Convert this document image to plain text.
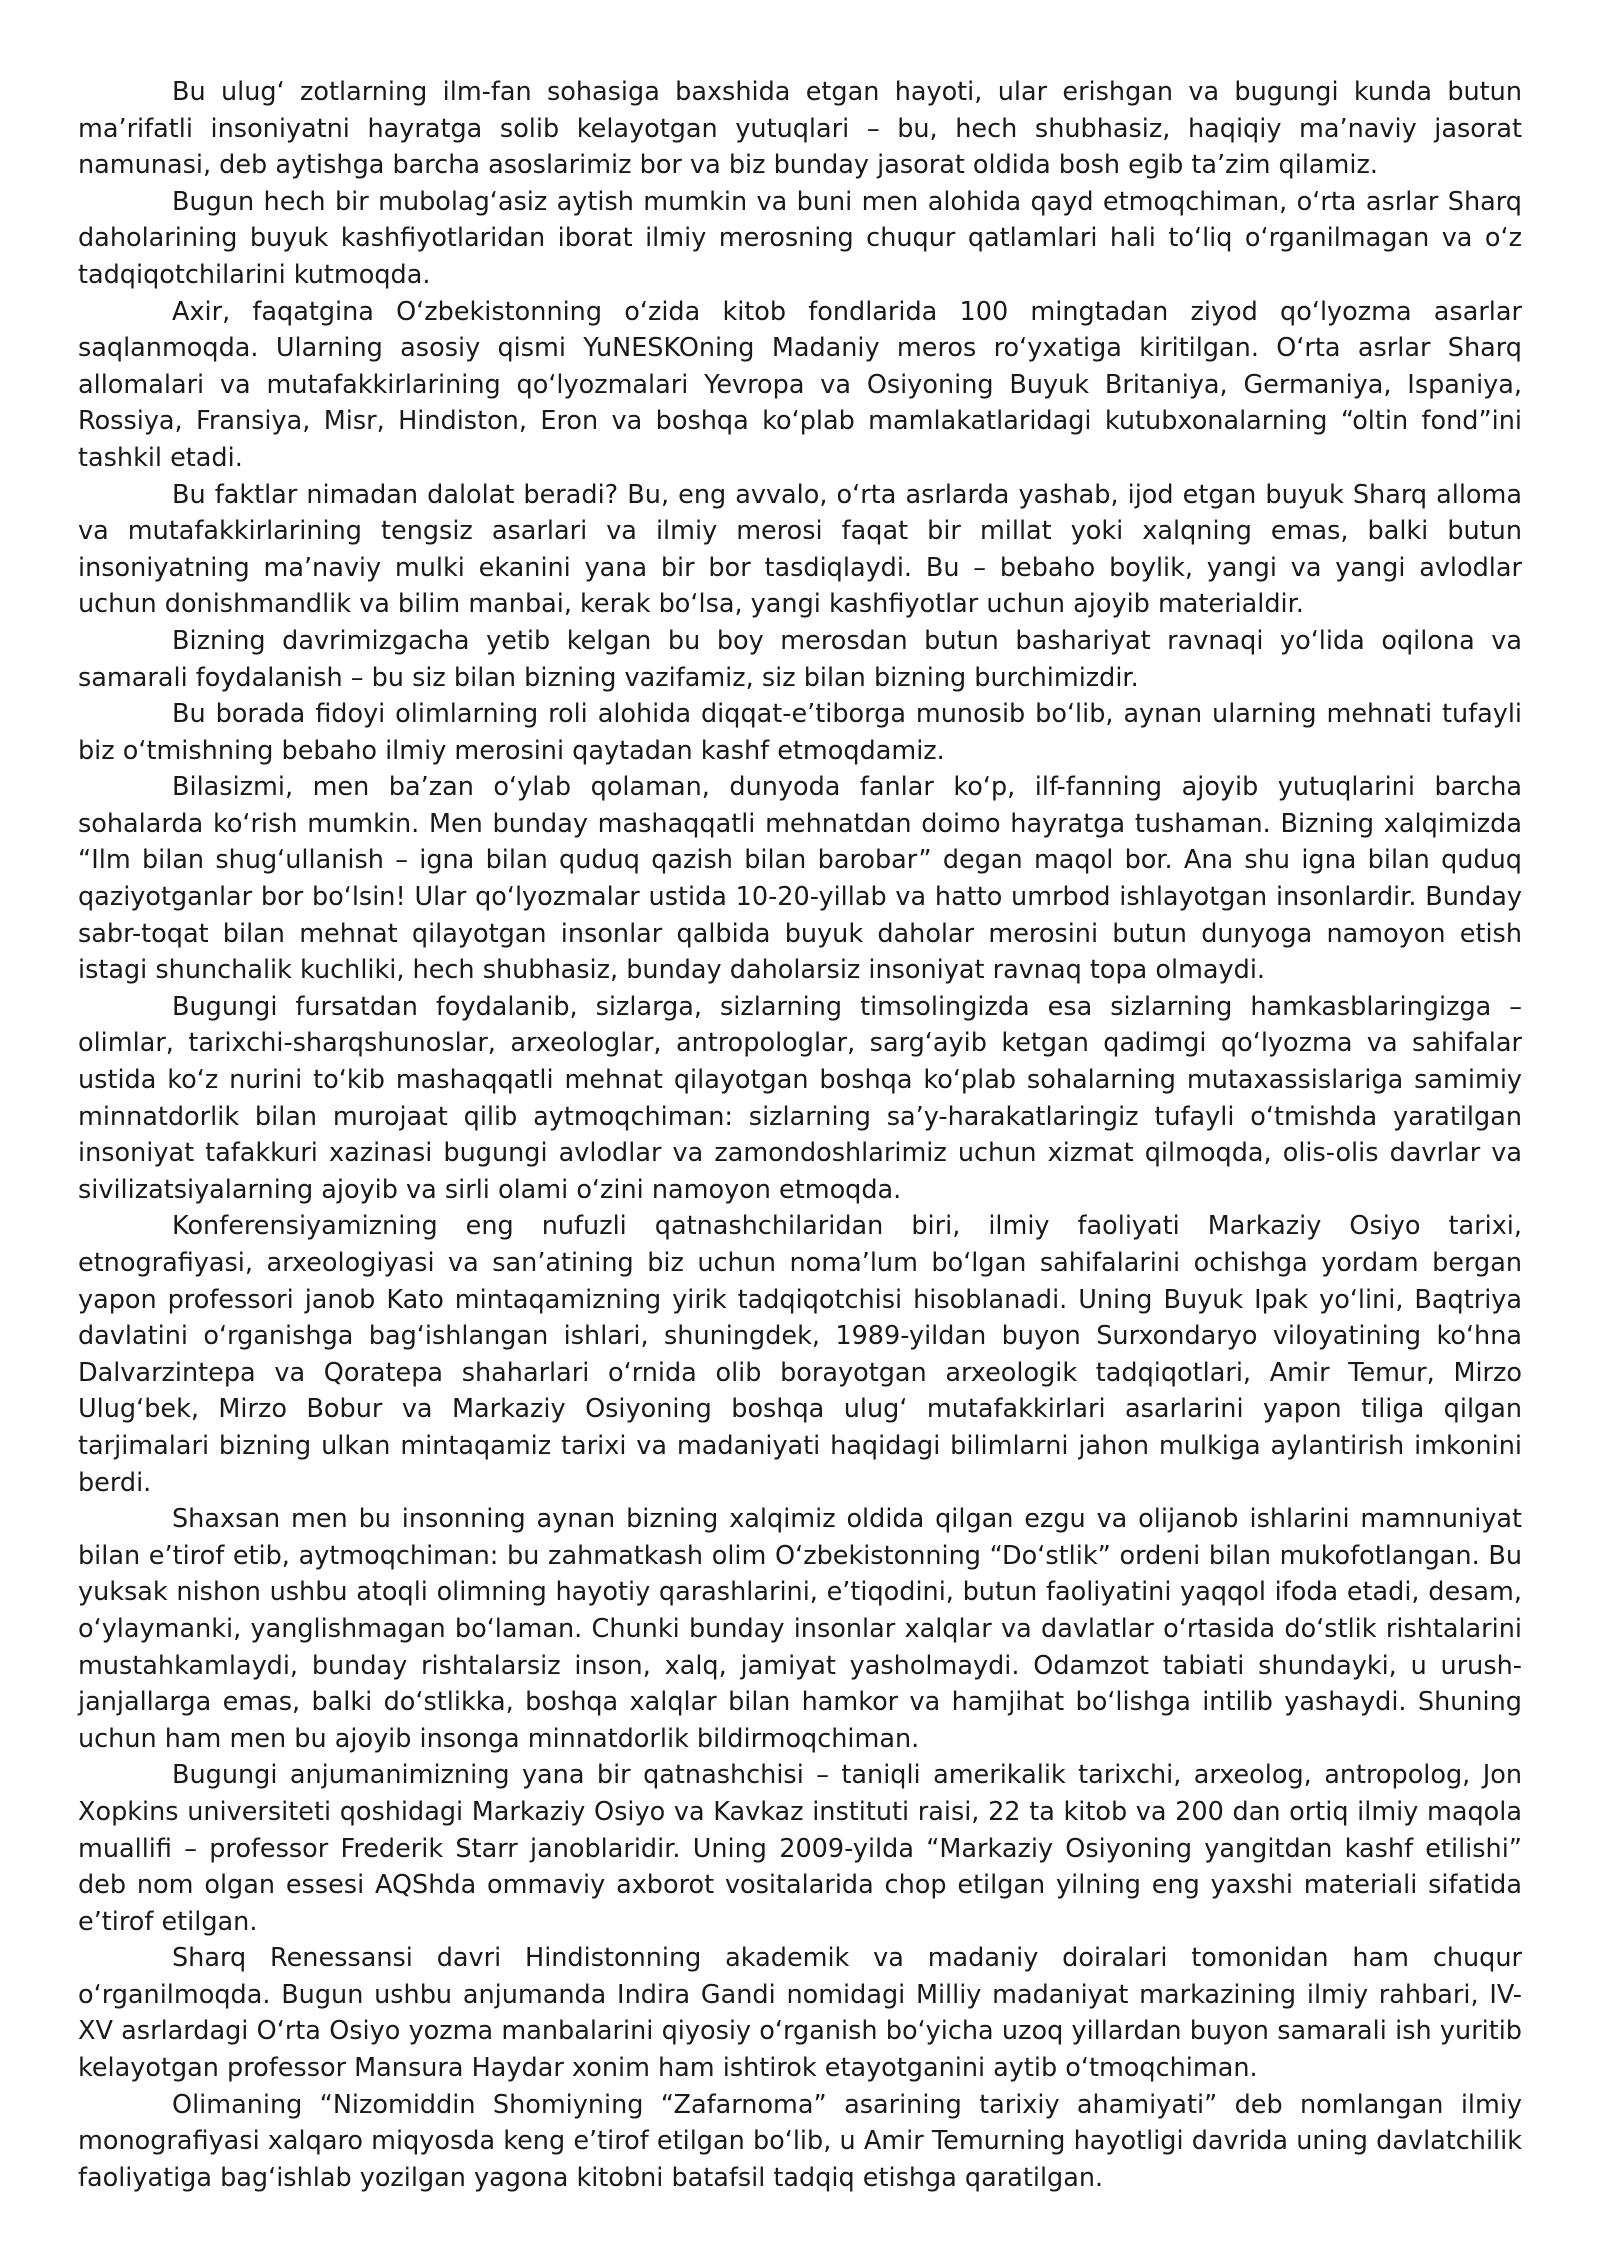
Bu ulug‘ zotlarning ilm-fan sohasiga baxshida etgan hayoti, ular erishgan va bugungi kunda butun ma’rifatli insoniyatni hayratga solib kelayotgan yutuqlari – bu, hech shubhasiz, haqiqiy ma’naviy jasorat namunasi, deb aytishga barcha asoslarimiz bor va biz bunday jasorat oldida bosh egib ta’zim qilamiz.

Bugun hech bir mubolag‘asiz aytish mumkin va buni men alohida qayd etmoqchiman, o‘rta asrlar Sharq daholarining buyuk kashfiyotlaridan iborat ilmiy merosning chuqur qatlamlari hali to‘liq o‘rganilmagan va o‘z tadqiqotchilarini kutmoqda.

Axir, faqatgina O‘zbekistonning o‘zida kitob fondlarida 100 mingtadan ziyod qo‘lyozma asarlar saqlanmoqda. Ularning asosiy qismi YuNESKOning Madaniy meros ro‘yxatiga kiritilgan. O‘rta asrlar Sharq allomalari va mutafakkirlarining qo‘lyozmalari Yevropa va Osiyoning Buyuk Britaniya, Germaniya, Ispaniya, Rossiya, Fransiya, Misr, Hindiston, Eron va boshqa ko‘plab mamlakatlaridagi kutubxonalarning “oltin fond”ini tashkil etadi.

Bu faktlar nimadan dalolat beradi? Bu, eng avvalo, o‘rta asrlarda yashab, ijod etgan buyuk Sharq alloma va mutafakkirlarining tengsiz asarlari va ilmiy merosi faqat bir millat yoki xalqning emas, balki butun insoniyatning ma’naviy mulki ekanini yana bir bor tasdiqlaydi. Bu – bebaho boylik, yangi va yangi avlodlar uchun donishmandlik va bilim manbai, kerak bo‘lsa, yangi kashfiyotlar uchun ajoyib materialdir.

Bizning davrimizgacha yetib kelgan bu boy merosdan butun bashariyat ravnaqi yo‘lida oqilona va samarali foydalanish – bu siz bilan bizning vazifamiz, siz bilan bizning burchimizdir.

Bu borada fidoyi olimlarning roli alohida diqqat-e’tiborga munosib bo‘lib, aynan ularning mehnati tufayli biz o‘tmishning bebaho ilmiy merosini qaytadan kashf etmoqdamiz.

Bilasizmi, men ba’zan o‘ylab qolaman, dunyoda fanlar ko‘p, ilf-fanning ajoyib yutuqlarini barcha sohalarda ko‘rish mumkin. Men bunday mashaqqatli mehnatdan doimo hayratga tushaman. Bizning xalqimizda “Ilm bilan shug‘ullanish – igna bilan quduq qazish bilan barobar” degan maqol bor. Ana shu igna bilan quduq qaziyotganlar bor bo‘lsin! Ular qo‘lyozmalar ustida 10-20-yillab va hatto umrbod ishlayotgan insonlardir. Bunday sabr-toqat bilan mehnat qilayotgan insonlar qalbida buyuk daholar merosini butun dunyoga namoyon etish istagi shunchalik kuchliki, hech shubhasiz, bunday daholarsiz insoniyat ravnaq topa olmaydi.

Bugungi fursatdan foydalanib, sizlarga, sizlarning timsolingizda esa sizlarning hamkasblaringizga – olimlar, tarixchi-sharqshunoslar, arxeologlar, antropologlar, sarg‘ayib ketgan qadimgi qo‘lyozma va sahifalar ustida ko‘z nurini to‘kib mashaqqatli mehnat qilayotgan boshqa ko‘plab sohalarning mutaxassislariga samimiy minnatdorlik bilan murojaat qilib aytmoqchiman: sizlarning sa’y-harakatlaringiz tufayli o‘tmishda yaratilgan insoniyat tafakkuri xazinasi bugungi avlodlar va zamondoshlarimiz uchun xizmat qilmoqda, olis-olis davrlar va sivilizatsiyalarning ajoyib va sirli olami o‘zini namoyon etmoqda.

Konferensiyamizning eng nufuzli qatnashchilaridan biri, ilmiy faoliyati Markaziy Osiyo tarixi, etnografiyasi, arxeologiyasi va san’atining biz uchun noma’lum bo‘lgan sahifalarini ochishga yordam bergan yapon professori janob Kato mintaqamizning yirik tadqiqotchisi hisoblanadi. Uning Buyuk Ipak yo‘lini, Baqtriya davlatini o‘rganishga bag‘ishlangan ishlari, shuningdek, 1989-yildan buyon Surxondaryo viloyatining ko‘hna Dalvarzintepa va Qoratepa shaharlari o‘rnida olib borayotgan arxeologik tadqiqotlari, Amir Temur, Mirzo Ulug‘bek, Mirzo Bobur va Markaziy Osiyoning boshqa ulug‘ mutafakkirlari asarlarini yapon tiliga qilgan tarjimalari bizning ulkan mintaqamiz tarixi va madaniyati haqidagi bilimlarni jahon mulkiga aylantirish imkonini berdi.

Shaxsan men bu insonning aynan bizning xalqimiz oldida qilgan ezgu va olijanob ishlarini mamnuniyat bilan e’tirof etib, aytmoqchiman: bu zahmatkash olim O‘zbekistonning “Do‘stlik” ordeni bilan mukofotlangan. Bu yuksak nishon ushbu atoqli olimning hayotiy qarashlarini, e’tiqodini, butun faoliyatini yaqqol ifoda etadi, desam, o‘ylaymanki, yanglishmagan bo‘laman. Chunki bunday insonlar xalqlar va davlatlar o‘rtasida do‘stlik rishtalarini mustahkamlaydi, bunday rishtalarsiz inson, xalq, jamiyat yasholmaydi. Odamzot tabiati shundayki, u urush-janjallarga emas, balki do‘stlikka, boshqa xalqlar bilan hamkor va hamjihat bo‘lishga intilib yashaydi. Shuning uchun ham men bu ajoyib insonga minnatdorlik bildirmoqchiman.

Bugungi anjumanimizning yana bir qatnashchisi – taniqli amerikalik tarixchi, arxeolog, antropolog, Jon Xopkins universiteti qoshidagi Markaziy Osiyo va Kavkaz instituti raisi, 22 ta kitob va 200 dan ortiq ilmiy maqola muallifi – professor Frederik Starr janoblaridir. Uning 2009-yilda “Markaziy Osiyoning yangitdan kashf etilishi” deb nom olgan essesi AQShda ommaviy axborot vositalarida chop etilgan yilning eng yaxshi materiali sifatida e’tirof etilgan.

Sharq Renessansi davri Hindistonning akademik va madaniy doiralari tomonidan ham chuqur o‘rganilmoqda. Bugun ushbu anjumanda Indira Gandi nomidagi Milliy madaniyat markazining ilmiy rahbari, IV-XV asrlardagi O‘rta Osiyo yozma manbalarini qiyosiy o‘rganish bo‘yicha uzoq yillardan buyon samarali ish yuritib kelayotgan professor Mansura Haydar xonim ham ishtirok etayotganini aytib o‘tmoqchiman.

Olimaning “Nizomiddin Shomiyning “Zafarnoma” asarining tarixiy ahamiyati” deb nomlangan ilmiy monografiyasi xalqaro miqyosda keng e’tirof etilgan bo‘lib, u Amir Temurning hayotligi davrida uning davlatchilik faoliyatiga bag‘ishlab yozilgan yagona kitobni batafsil tadqiq etishga qaratilgan.
